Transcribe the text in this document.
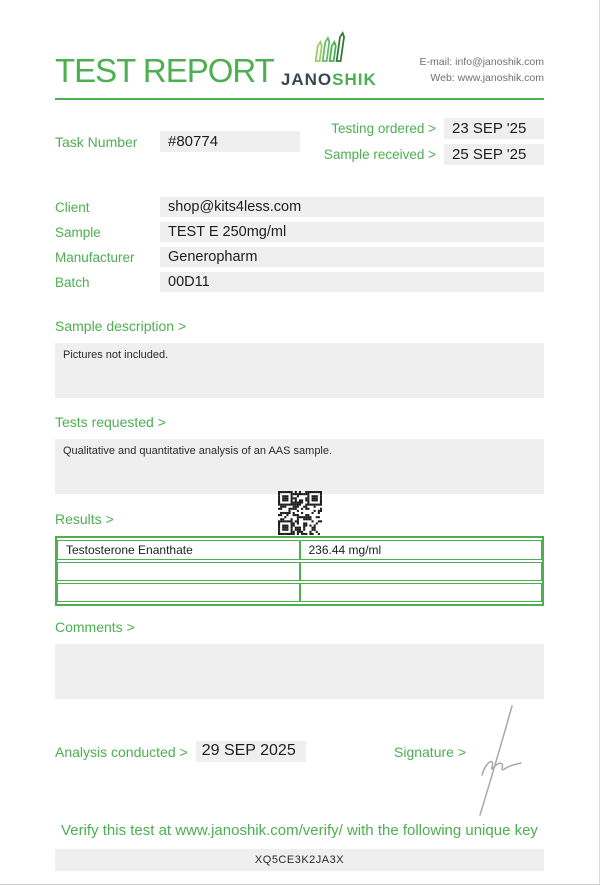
TEST REPORT JANOSHIK
E-mail: info@janoshik.com
Web: www.janoshik.com
Task Number	#80774
Testing ordered >	23 SEP '25
Sample received >	25 SEP '25
Client	shop@kits4less.com
Sample	TEST E 250mg/ml
Manufacturer	Generopharm
Batch	00D11
Sample description >
Pictures not included.
Tests requested >
Qualitative and quantitative analysis of an AAS sample.
Results >
Testosterone Enanthate	236.44 mg/ml

Comments >
Analysis conducted > 29 SEP 2025	Signature >
Verify this test at www.janoshik.com/verify/ with the following unique key
XQ5CE3K2JA3X
